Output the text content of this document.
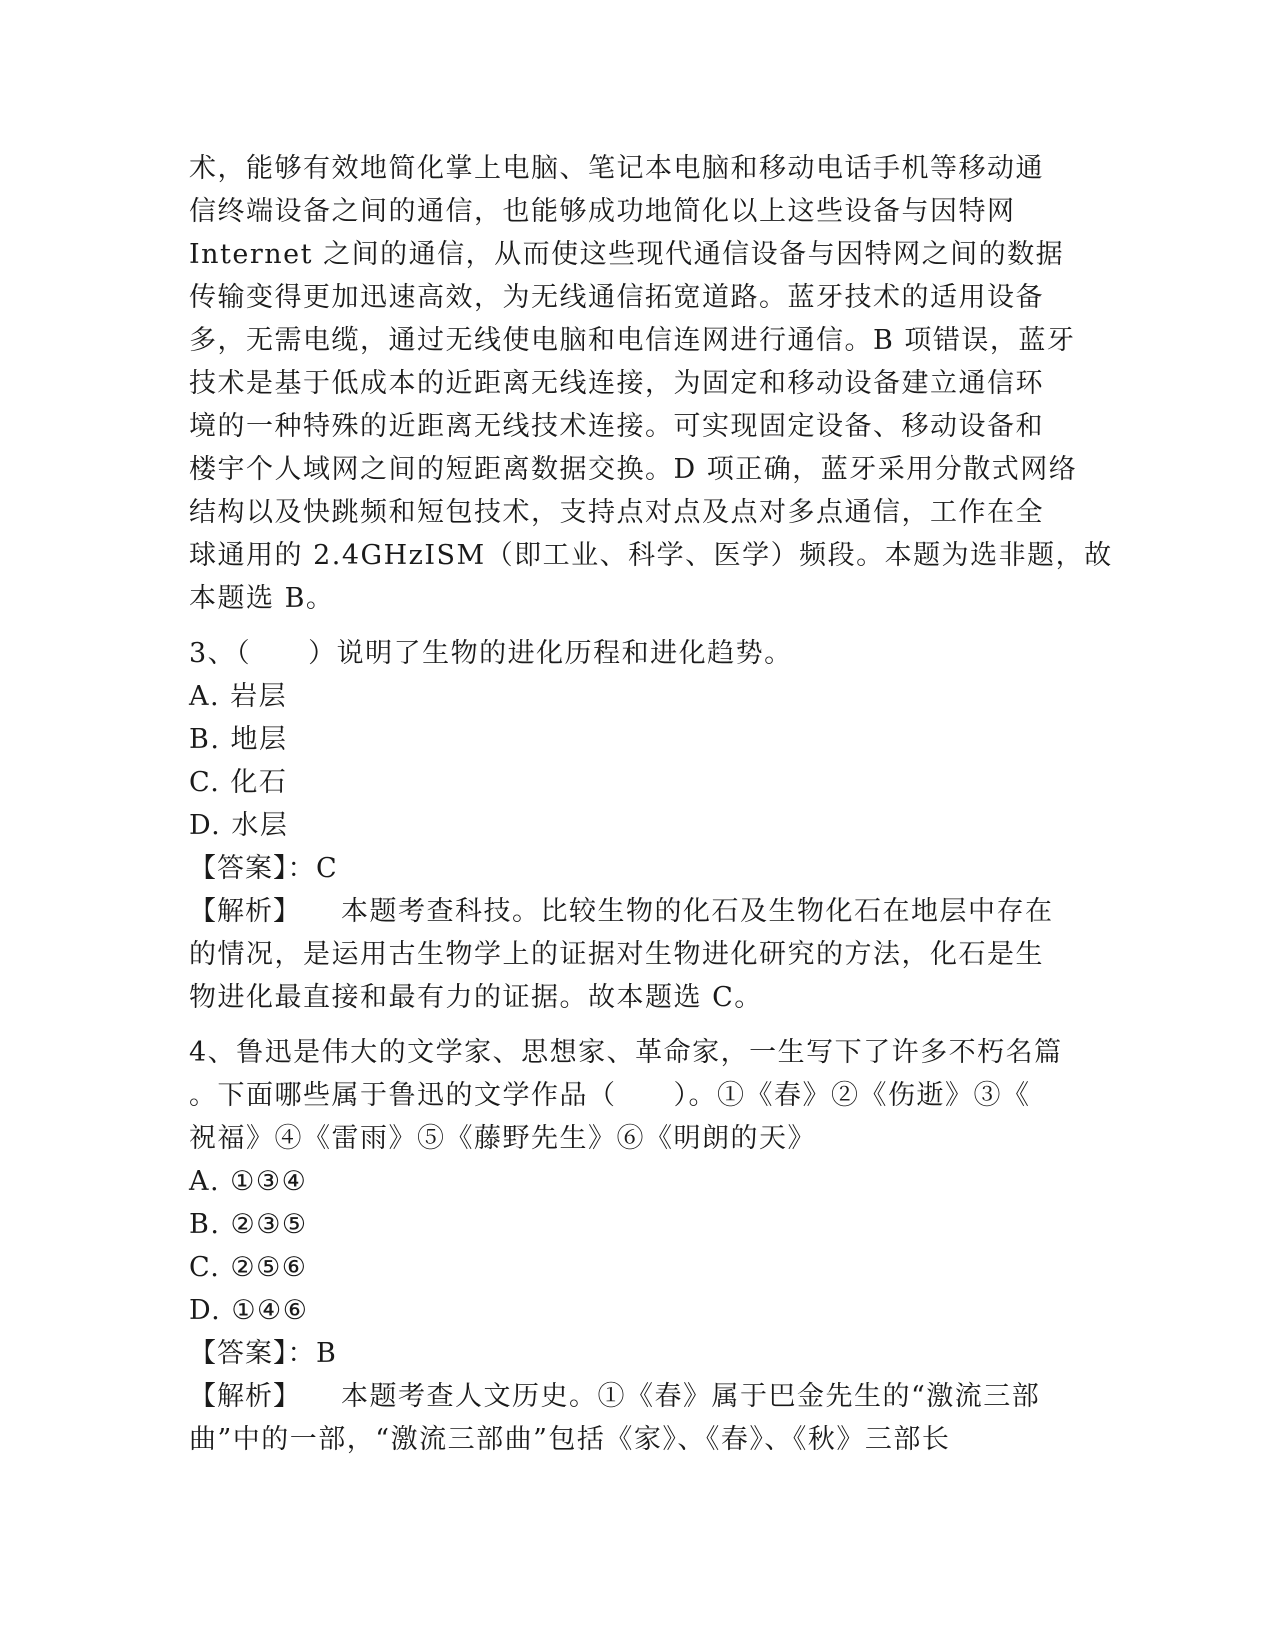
术，能够有效地简化掌上电脑、笔记本电脑和移动电话手机等移动通
信终端设备之间的通信，也能够成功地简化以上这些设备与因特网
Internet 之间的通信，从而使这些现代通信设备与因特网之间的数据
传输变得更加迅速高效，为无线通信拓宽道路。蓝牙技术的适用设备
多，无需电缆，通过无线使电脑和电信连网进行通信。B 项错误，蓝牙
技术是基于低成本的近距离无线连接，为固定和移动设备建立通信环
境的一种特殊的近距离无线技术连接。可实现固定设备、移动设备和
楼宇个人域网之间的短距离数据交换。D 项正确，蓝牙采用分散式网络
结构以及快跳频和短包技术，支持点对点及点对多点通信，工作在全
球通用的 2.4GHzISM（即工业、科学、医学）频段。本题为选非题，故
本题选 B。
3、（　　）说明了生物的进化历程和进化趋势。
A. 岩层
B. 地层
C. 化石
D. 水层
【答案】：C
【解析】 本题考查科技。比较生物的化石及生物化石在地层中存在
的情况，是运用古生物学上的证据对生物进化研究的方法，化石是生
物进化最直接和最有力的证据。故本题选 C。
4、鲁迅是伟大的文学家、思想家、革命家，一生写下了许多不朽名篇
。下面哪些属于鲁迅的文学作品（　　）。①《春》②《伤逝》③《
祝福》④《雷雨》⑤《藤野先生》⑥《明朗的天》
A. ①③④
B. ②③⑤
C. ②⑤⑥
D. ①④⑥
【答案】：B
【解析】 本题考查人文历史。①《春》属于巴金先生的“激流三部
曲”中的一部，“激流三部曲”包括《家》、《春》、《秋》三部长
